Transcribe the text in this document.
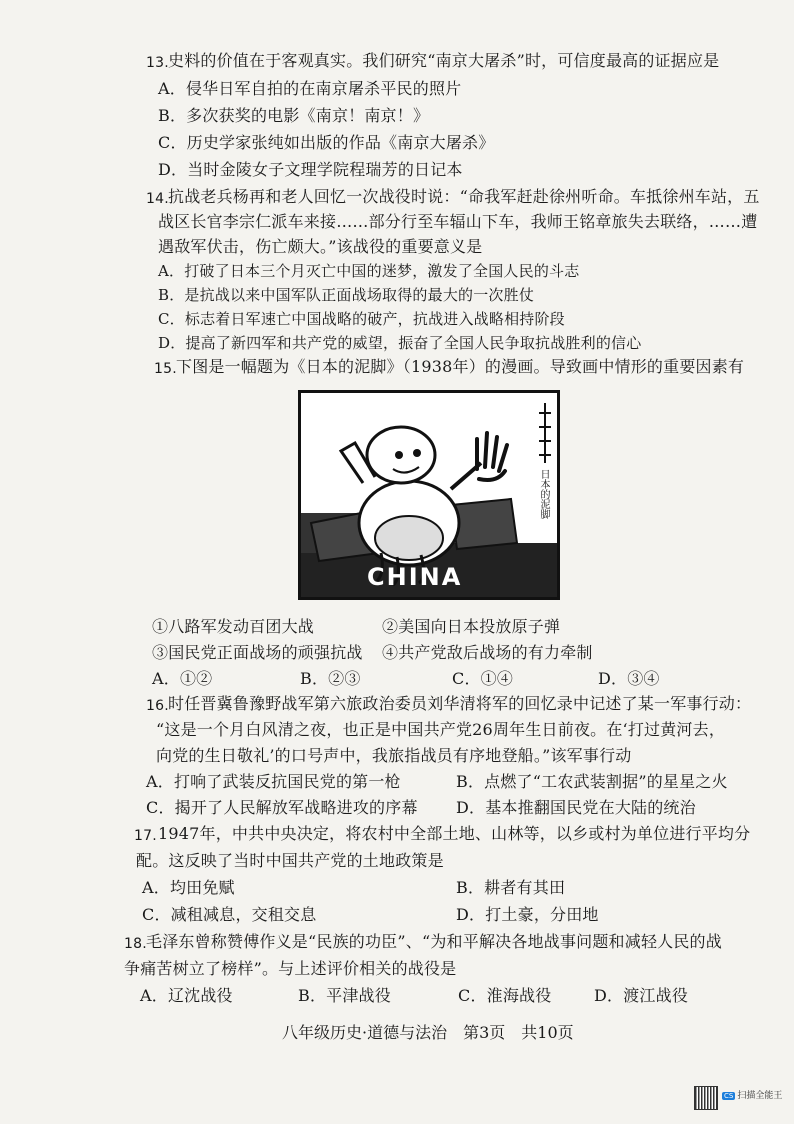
13. 史料的价值在于客观真实。我们研究“南京大屠杀”时，可信度最高的证据应是
A．侵华日军自拍的在南京屠杀平民的照片
B．多次获奖的电影《南京！南京！》
C．历史学家张纯如出版的作品《南京大屠杀》
D．当时金陵女子文理学院程瑞芳的日记本
14. 抗战老兵杨再和老人回忆一次战役时说：“命我军赶赴徐州听命。车抵徐州车站，五
战区长官李宗仁派车来接……部分行至车辐山下车，我师王铭章旅失去联络，……遭
遇敌军伏击，伤亡颇大。”该战役的重要意义是
A．打破了日本三个月灭亡中国的迷梦，激发了全国人民的斗志
B．是抗战以来中国军队正面战场取得的最大的一次胜仗
C．标志着日军速亡中国战略的破产，抗战进入战略相持阶段
D．提高了新四军和共产党的威望，振奋了全国人民争取抗战胜利的信心
15. 下图是一幅题为《日本的泥脚》（1938年）的漫画。导致画中情形的重要因素有
日本的泥脚
CHINA
①八路军发动百团大战	②美国向日本投放原子弹
③国民党正面战场的顽强抗战 ④共产党敌后战场的有力牵制
A．①②	B．②③	C．①④	D．③④
16. 时任晋冀鲁豫野战军第六旅政治委员刘华清将军的回忆录中记述了某一军事行动：
“这是一个月白风清之夜，也正是中国共产党26周年生日前夜。在‘打过黄河去，
向党的生日敬礼’的口号声中，我旅指战员有序地登船。”该军事行动
A．打响了武装反抗国民党的第一枪	B．点燃了“工农武装割据”的星星之火
C．揭开了人民解放军战略进攻的序幕 D．基本推翻国民党在大陆的统治
17. 1947年，中共中央决定，将农村中全部土地、山林等，以乡或村为单位进行平均分
配。这反映了当时中国共产党的土地政策是
A．均田免赋	B．耕者有其田
C．减租减息，交租交息	D．打土豪，分田地
18. 毛泽东曾称赞傅作义是“民族的功臣”、“为和平解决各地战事问题和减轻人民的战
争痛苦树立了榜样”。与上述评价相关的战役是
A．辽沈战役	B．平津战役	C．淮海战役	D．渡江战役
八年级历史·道德与法治　第3页　共10页
CS 扫描全能王
